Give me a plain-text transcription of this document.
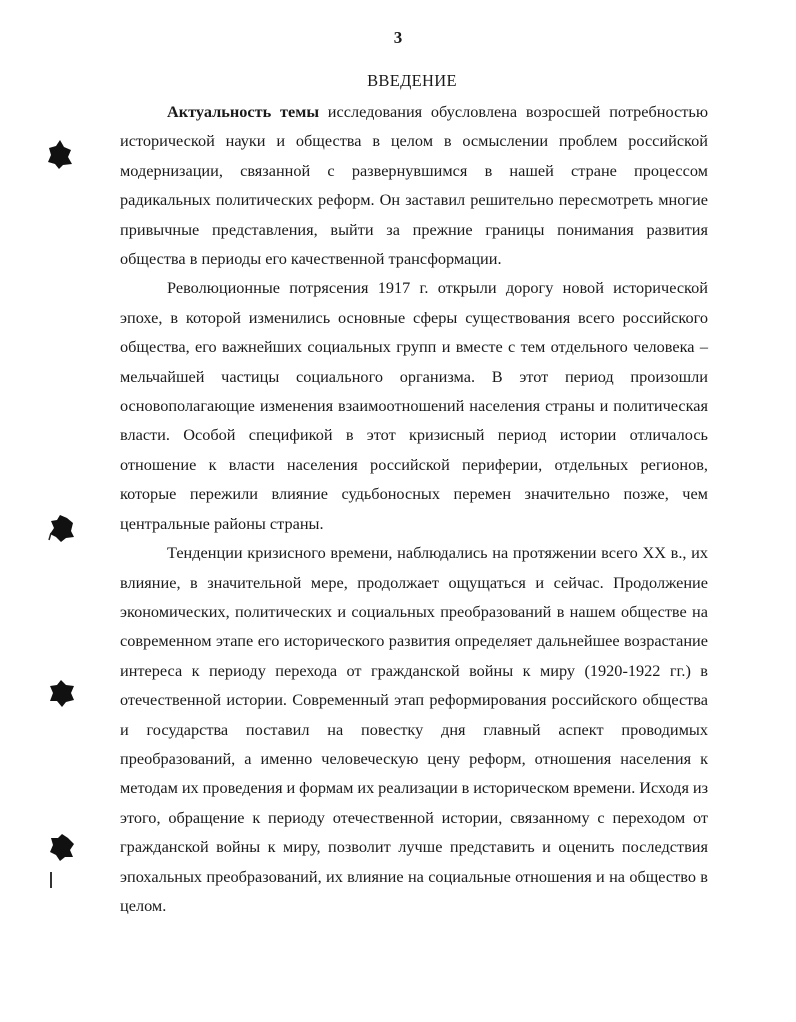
3
ВВЕДЕНИЕ

Актуальность темы исследования обусловлена возросшей потребностью исторической науки и общества в целом в осмыслении проблем российской модернизации, связанной с развернувшимся в нашей стране процессом радикальных политических реформ. Он заставил решительно пересмотреть многие привычные представления, выйти за прежние границы понимания развития общества в периоды его качественной трансформации.

Революционные потрясения 1917 г. открыли дорогу новой исторической эпохе, в которой изменились основные сферы существования всего российского общества, его важнейших социальных групп и вместе с тем отдельного человека – мельчайшей частицы социального организма. В этот период произошли основополагающие изменения взаимоотношений населения страны и политическая власти. Особой спецификой в этот кризисный период истории отличалось отношение к власти населения российской периферии, отдельных регионов, которые пережили влияние судьбоносных перемен значительно позже, чем центральные районы страны.

Тенденции кризисного времени, наблюдались на протяжении всего XX в., их влияние, в значительной мере, продолжает ощущаться и сейчас. Продолжение экономических, политических и социальных преобразований в нашем обществе на современном этапе его исторического развития определяет дальнейшее возрастание интереса к периоду перехода от гражданской войны к миру (1920-1922 гг.) в отечественной истории. Современный этап реформирования российского общества и государства поставил на повестку дня главный аспект проводимых преобразований, а именно человеческую цену реформ, отношения населения к методам их проведения и формам их реализации в историческом времени. Исходя из этого, обращение к периоду отечественной истории, связанному с переходом от гражданской войны к миру, позволит лучше представить и оценить последствия эпохальных преобразований, их влияние на социальные отношения и на общество в целом.
